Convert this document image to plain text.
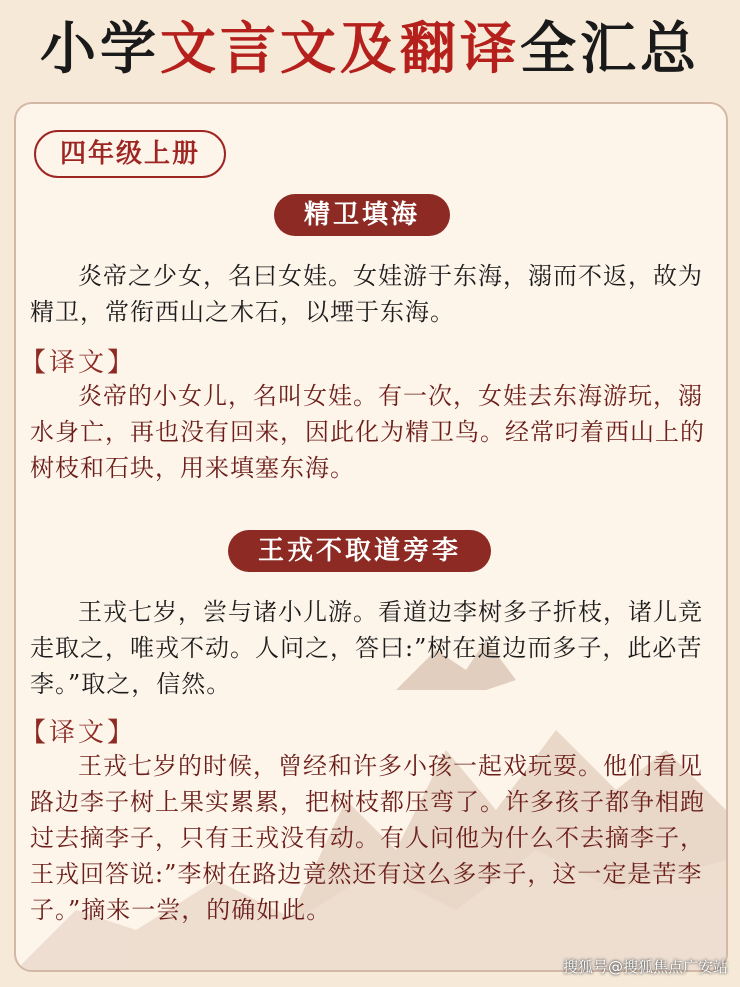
小学文言文及翻译全汇总
四年级上册
精卫填海

炎帝之少女，名曰女娃。女娃游于东海，溺而不返，故为精卫，常衔西山之木石，以堙于东海。

【译文】

炎帝的小女儿，名叫女娃。有一次，女娃去东海游玩，溺水身亡，再也没有回来，因此化为精卫鸟。经常叼着西山上的树枝和石块，用来填塞东海。

王戎不取道旁李

王戎七岁，尝与诸小儿游。看道边李树多子折枝，诸儿竞走取之，唯戎不动。人问之，答曰:”树在道边而多子，此必苦李。”取之，信然。

【译文】

王戎七岁的时候，曾经和许多小孩一起戏玩耍。他们看见路边李子树上果实累累，把树枝都压弯了。许多孩子都争相跑过去摘李子，只有王戎没有动。有人问他为什么不去摘李子，王戎回答说:”李树在路边竟然还有这么多李子，这一定是苦李子。”摘来一尝，的确如此。

搜狐号@搜狐焦点广安站
